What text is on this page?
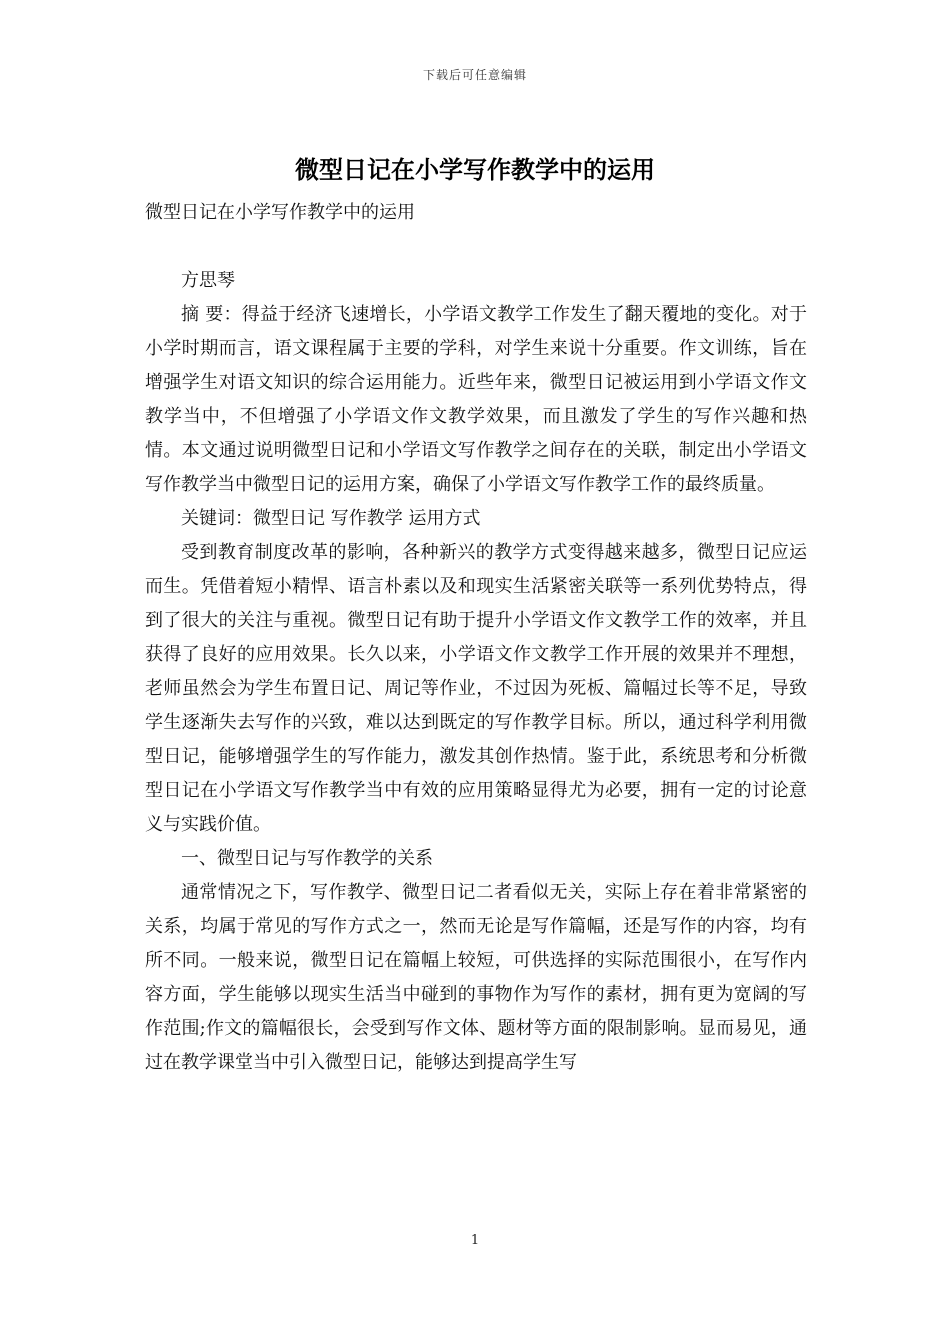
下载后可任意编辑
微型日记在小学写作教学中的运用

微型日记在小学写作教学中的运用

方思琴

摘 要：得益于经济飞速增长，小学语文教学工作发生了翻天覆地的变化。对于小学时期而言，语文课程属于主要的学科，对学生来说十分重要。作文训练，旨在增强学生对语文知识的综合运用能力。近些年来，微型日记被运用到小学语文作文教学当中，不但增强了小学语文作文教学效果，而且激发了学生的写作兴趣和热情。本文通过说明微型日记和小学语文写作教学之间存在的关联，制定出小学语文写作教学当中微型日记的运用方案，确保了小学语文写作教学工作的最终质量。

关键词：微型日记 写作教学 运用方式

受到教育制度改革的影响，各种新兴的教学方式变得越来越多，微型日记应运而生。凭借着短小精悍、语言朴素以及和现实生活紧密关联等一系列优势特点，得到了很大的关注与重视。微型日记有助于提升小学语文作文教学工作的效率，并且获得了良好的应用效果。长久以来，小学语文作文教学工作开展的效果并不理想，老师虽然会为学生布置日记、周记等作业，不过因为死板、篇幅过长等不足，导致学生逐渐失去写作的兴致，难以达到既定的写作教学目标。所以，通过科学利用微型日记，能够增强学生的写作能力，激发其创作热情。鉴于此，系统思考和分析微型日记在小学语文写作教学当中有效的应用策略显得尤为必要，拥有一定的讨论意义与实践价值。

一、微型日记与写作教学的关系

通常情况之下，写作教学、微型日记二者看似无关，实际上存在着非常紧密的关系，均属于常见的写作方式之一，然而无论是写作篇幅，还是写作的内容，均有所不同。一般来说，微型日记在篇幅上较短，可供选择的实际范围很小，在写作内容方面，学生能够以现实生活当中碰到的事物作为写作的素材，拥有更为宽阔的写作范围;作文的篇幅很长，会受到写作文体、题材等方面的限制影响。显而易见，通过在教学课堂当中引入微型日记，能够达到提高学生写

1
